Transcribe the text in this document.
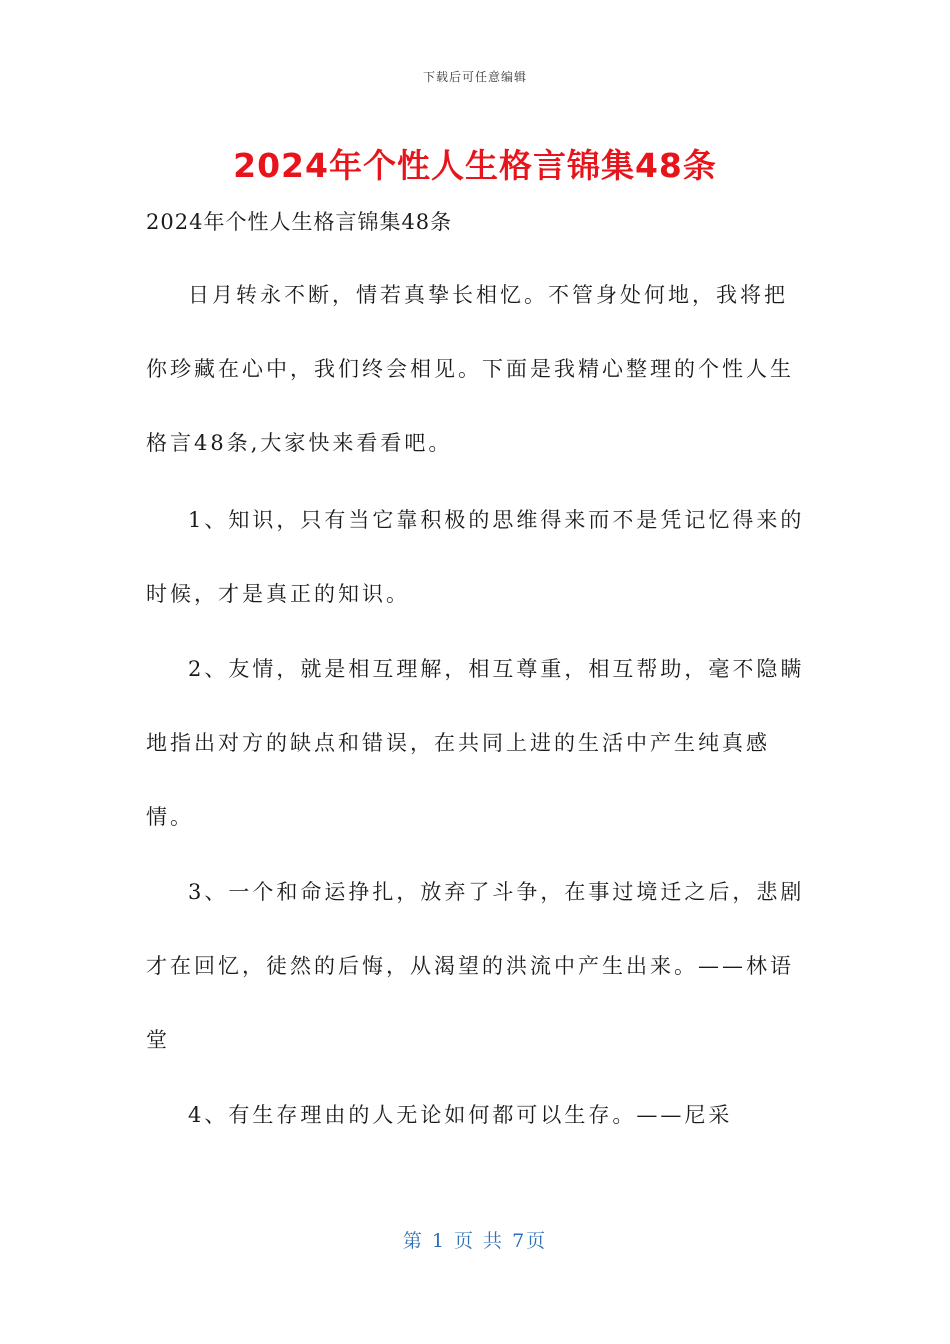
下载后可任意编辑
2024年个性人生格言锦集48条
2024年个性人生格言锦集48条

日月转永不断，情若真挚长相忆。不管身处何地，我将把你珍藏在心中，我们终会相见。下面是我精心整理的个性人生格言48条,大家快来看看吧。

1、知识，只有当它靠积极的思维得来而不是凭记忆得来的时候，才是真正的知识。

2、友情，就是相互理解，相互尊重，相互帮助，毫不隐瞒地指出对方的缺点和错误，在共同上进的生活中产生纯真感情。

3、一个和命运挣扎，放弃了斗争，在事过境迁之后，悲剧才在回忆，徒然的后悔，从渴望的洪流中产生出来。——林语堂

4、有生存理由的人无论如何都可以生存。——尼采

第 1 页 共 7页
